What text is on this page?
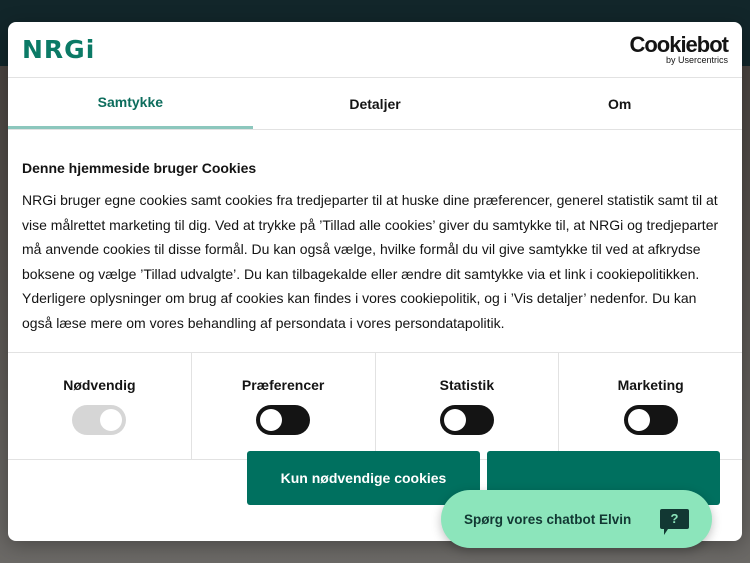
NRGi	Cookiebot
by Usercentrics
Samtykke	Detaljer	Om
Denne hjemmeside bruger Cookies

NRGi bruger egne cookies samt cookies fra tredjeparter til at huske dine præferencer, generel statistik samt til at vise målrettet marketing til dig. Ved at trykke på ’Tillad alle cookies’ giver du samtykke til, at NRGi og tredjeparter må anvende cookies til disse formål. Du kan også vælge, hvilke formål du vil give samtykke til ved at afkrydse boksene og vælge ’Tillad udvalgte’. Du kan tilbagekalde eller ændre dit samtykke via et link i cookiepolitikken. Yderligere oplysninger om brug af cookies kan findes i vores cookiepolitik, og i ’Vis detaljer’ nedenfor. Du kan også læse mere om vores behandling af persondata i vores persondatapolitik.

Nødvendig	Præferencer	Statistik	Marketing
Kun nødvendige cookies
Spørg vores chatbot Elvin	?
